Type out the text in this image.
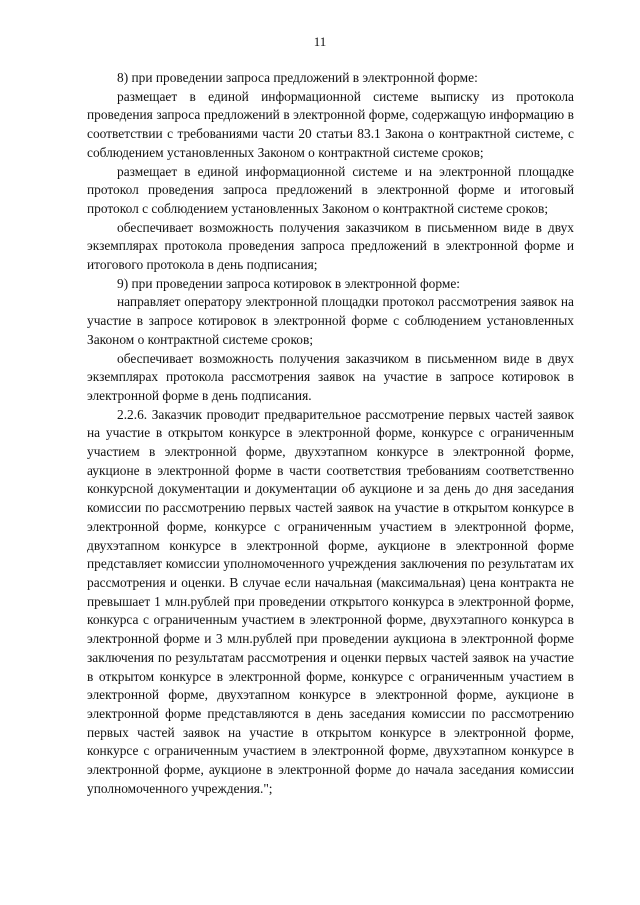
11

8) при проведении запроса предложений в электронной форме:

размещает в единой информационной системе выписку из протокола проведения запроса предложений в электронной форме, содержащую информацию в соответствии с требованиями части 20 статьи 83.1 Закона о контрактной системе, с соблюдением установленных Законом о контрактной системе сроков;

размещает в единой информационной системе и на электронной площадке протокол проведения запроса предложений в электронной форме и итоговый протокол с соблюдением установленных Законом о контрактной системе сроков;

обеспечивает возможность получения заказчиком в письменном виде в двух экземплярах протокола проведения запроса предложений в электронной форме и итогового протокола в день подписания;

9) при проведении запроса котировок в электронной форме:

направляет оператору электронной площадки протокол рассмотрения заявок на участие в запросе котировок в электронной форме с соблюдением установленных Законом о контрактной системе сроков;

обеспечивает возможность получения заказчиком в письменном виде в двух экземплярах протокола рассмотрения заявок на участие в запросе котировок в электронной форме в день подписания.

2.2.6. Заказчик проводит предварительное рассмотрение первых частей заявок на участие в открытом конкурсе в электронной форме, конкурсе с ограниченным участием в электронной форме, двухэтапном конкурсе в электронной форме, аукционе в электронной форме в части соответствия требованиям соответственно конкурсной документации и документации об аукционе и за день до дня заседания комиссии по рассмотрению первых частей заявок на участие в открытом конкурсе в электронной форме, конкурсе с ограниченным участием в электронной форме, двухэтапном конкурсе в электронной форме, аукционе в электронной форме представляет комиссии уполномоченного учреждения заключения по результатам их рассмотрения и оценки. В случае если начальная (максимальная) цена контракта не превышает 1 млн.рублей при проведении открытого конкурса в электронной форме, конкурса с ограниченным участием в электронной форме, двухэтапного конкурса в электронной форме и 3 млн.рублей при проведении аукциона в электронной форме заключения по результатам рассмотрения и оценки первых частей заявок на участие в открытом конкурсе в электронной форме, конкурсе с ограниченным участием в электронной форме, двухэтапном конкурсе в электронной форме, аукционе в электронной форме представляются в день заседания комиссии по рассмотрению первых частей заявок на участие в открытом конкурсе в электронной форме, конкурсе с ограниченным участием в электронной форме, двухэтапном конкурсе в электронной форме, аукционе в электронной форме до начала заседания комиссии уполномоченного учреждения.";
